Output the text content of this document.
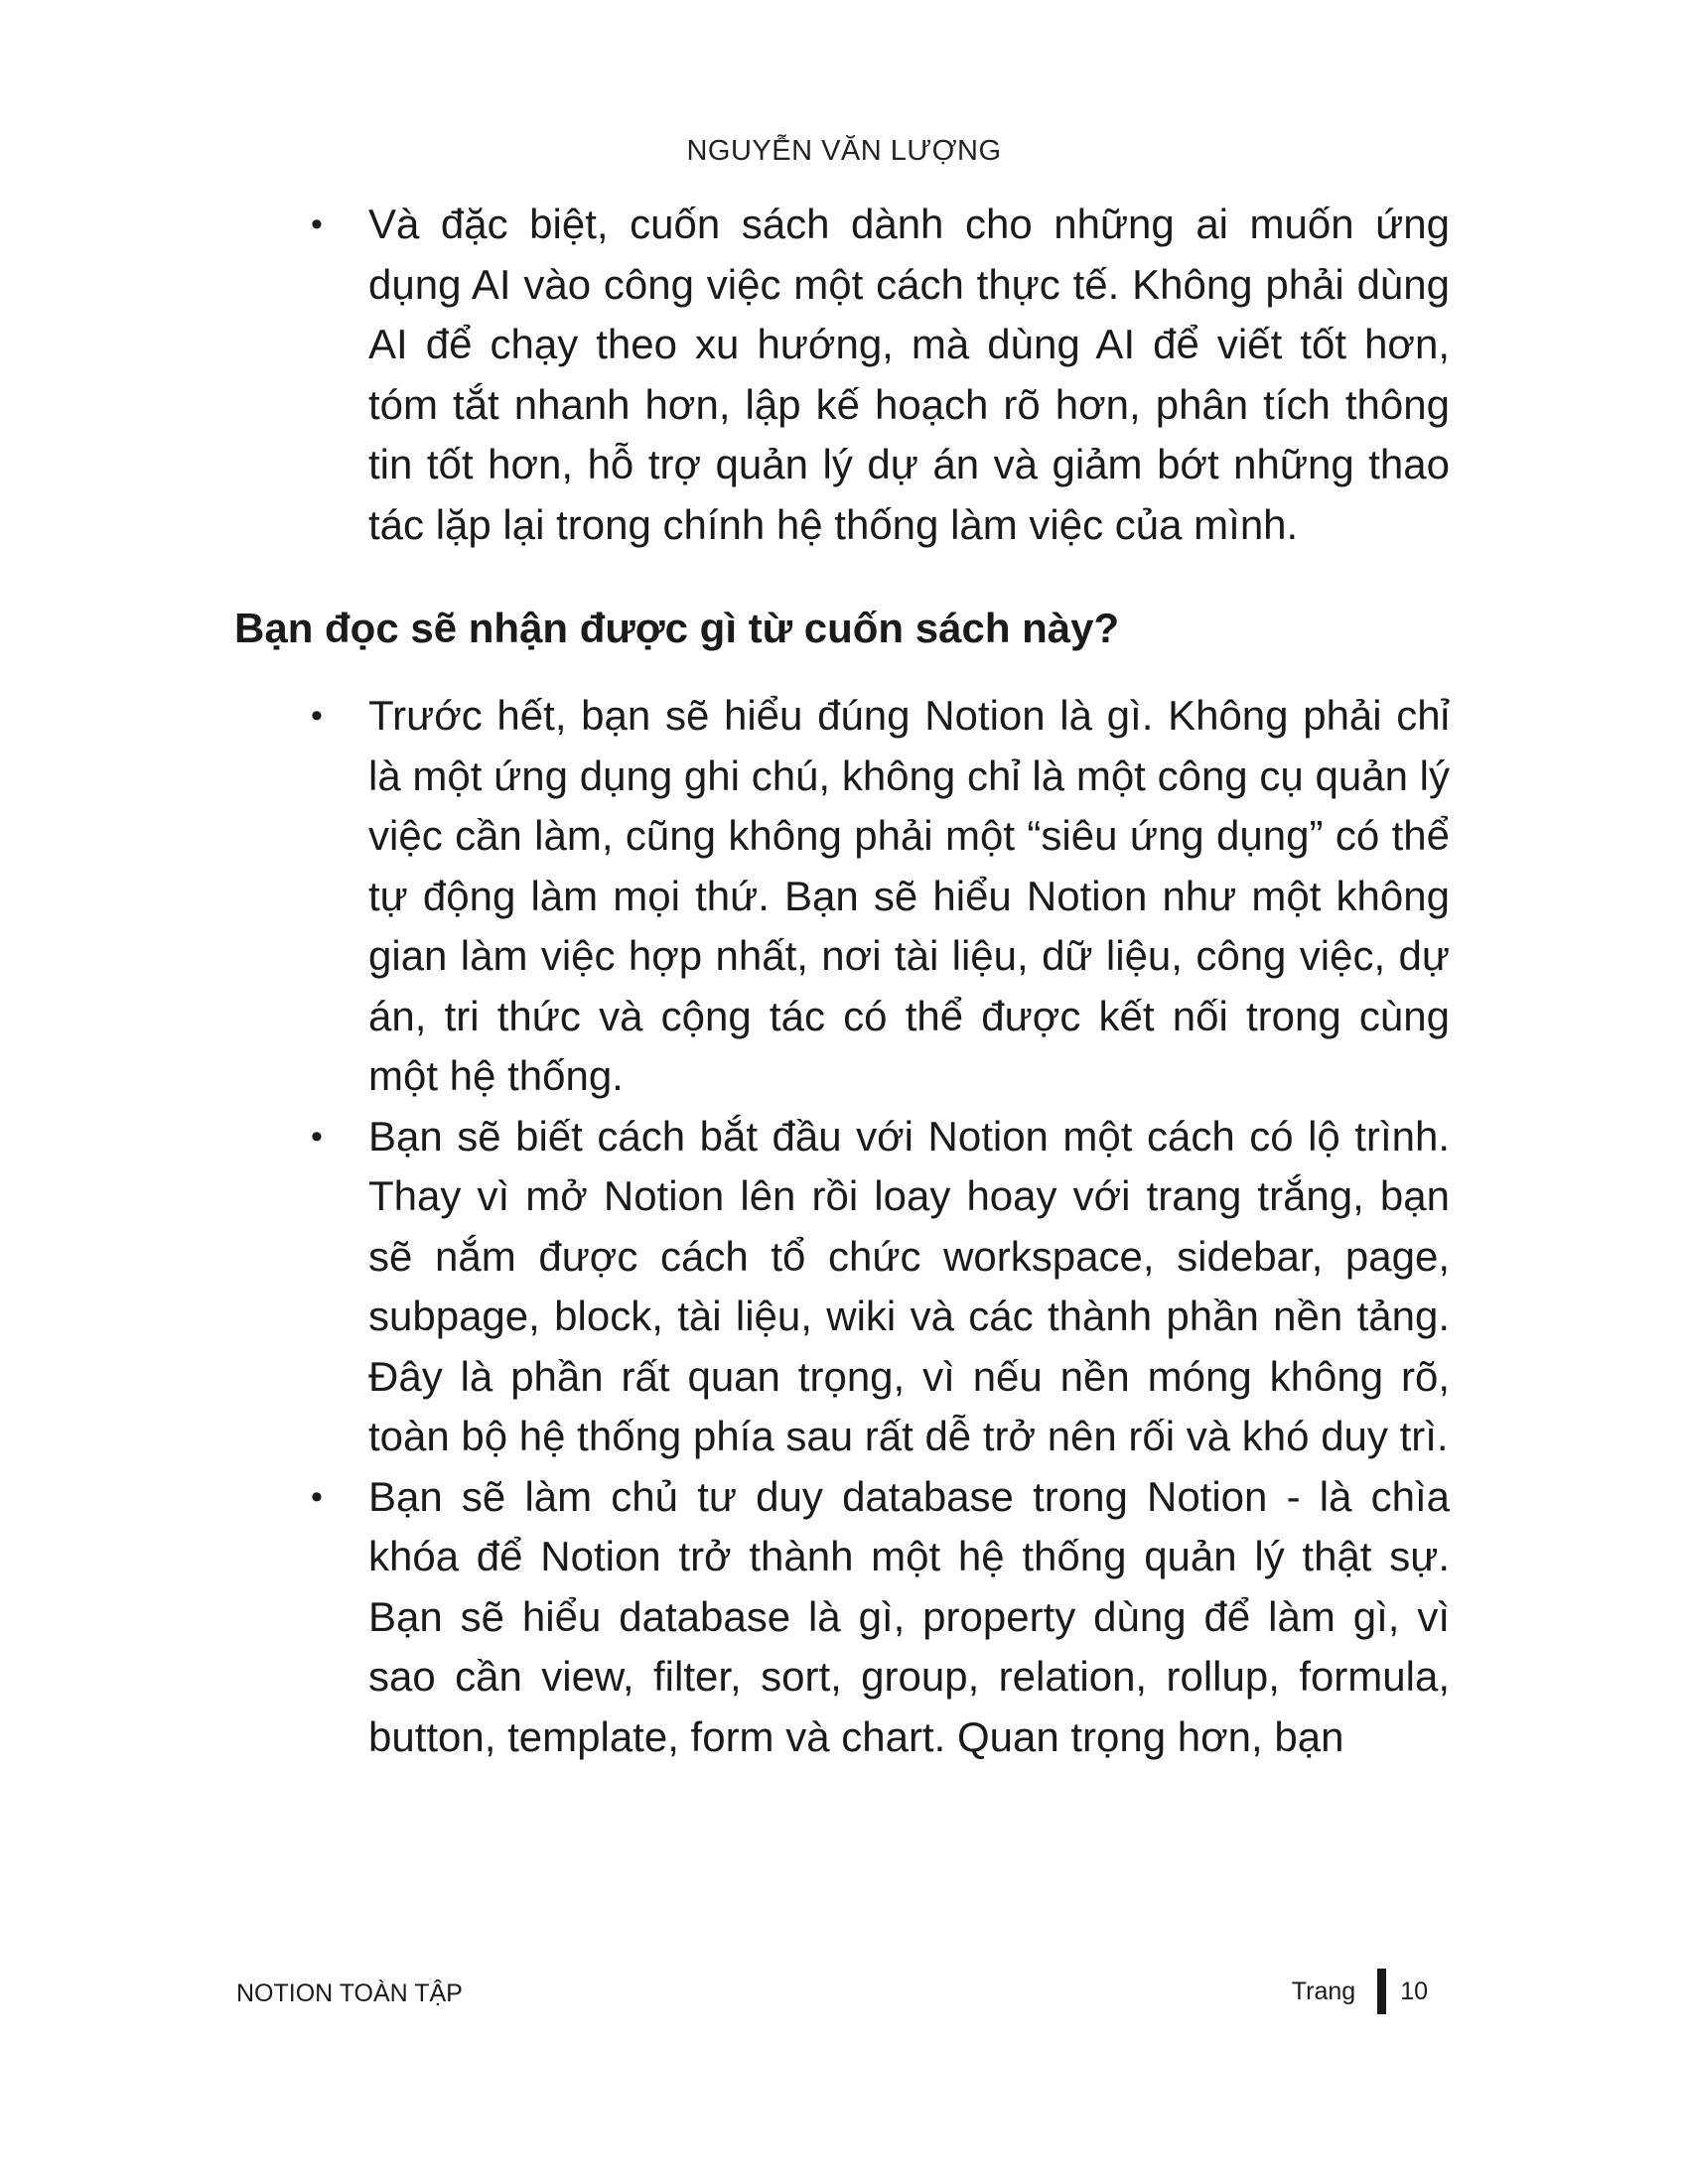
NGUYỄN VĂN LƯỢNG
• Và đặc biệt, cuốn sách dành cho những ai muốn ứng dụng AI vào công việc một cách thực tế. Không phải dùng AI để chạy theo xu hướng, mà dùng AI để viết tốt hơn, tóm tắt nhanh hơn, lập kế hoạch rõ hơn, phân tích thông tin tốt hơn, hỗ trợ quản lý dự án và giảm bớt những thao tác lặp lại trong chính hệ thống làm việc của mình.
Bạn đọc sẽ nhận được gì từ cuốn sách này?
• Trước hết, bạn sẽ hiểu đúng Notion là gì. Không phải chỉ là một ứng dụng ghi chú, không chỉ là một công cụ quản lý việc cần làm, cũng không phải một “siêu ứng dụng” có thể tự động làm mọi thứ. Bạn sẽ hiểu Notion như một không gian làm việc hợp nhất, nơi tài liệu, dữ liệu, công việc, dự án, tri thức và cộng tác có thể được kết nối trong cùng một hệ thống.
• Bạn sẽ biết cách bắt đầu với Notion một cách có lộ trình. Thay vì mở Notion lên rồi loay hoay với trang trắng, bạn sẽ nắm được cách tổ chức workspace, sidebar, page, subpage, block, tài liệu, wiki và các thành phần nền tảng. Đây là phần rất quan trọng, vì nếu nền móng không rõ, toàn bộ hệ thống phía sau rất dễ trở nên rối và khó duy trì.
• Bạn sẽ làm chủ tư duy database trong Notion - là chìa khóa để Notion trở thành một hệ thống quản lý thật sự. Bạn sẽ hiểu database là gì, property dùng để làm gì, vì sao cần view, filter, sort, group, relation, rollup, formula, button, template, form và chart. Quan trọng hơn, bạn
NOTION TOÀN TẬP	Trang 10
